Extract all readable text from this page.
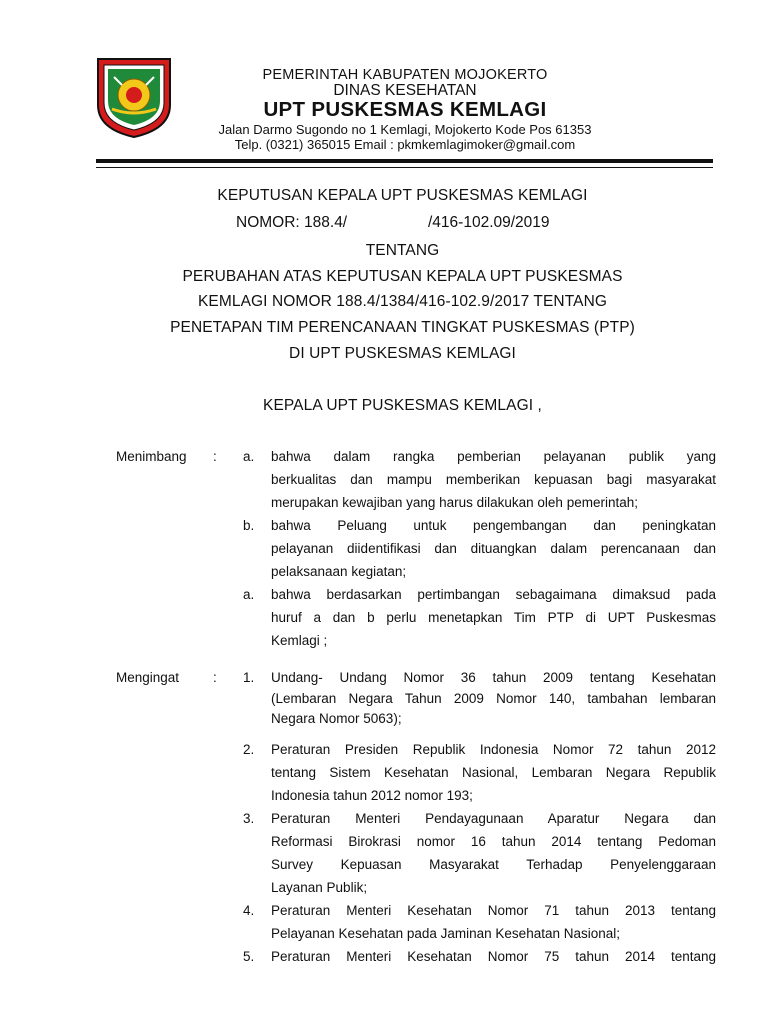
PEMERINTAH KABUPATEN MOJOKERTO
DINAS KESEHATAN
UPT PUSKESMAS KEMLAGI
Jalan Darmo Sugondo no 1 Kemlagi, Mojokerto Kode Pos 61353
Telp. (0321) 365015 Email : pkmkemlagimoker@gmail.com
KEPUTUSAN KEPALA UPT PUSKESMAS KEMLAGI
NOMOR: 188.4/	/416-102.09/2019
TENTANG
PERUBAHAN ATAS KEPUTUSAN KEPALA UPT PUSKESMAS
KEMLAGI NOMOR 188.4/1384/416-102.9/2017 TENTANG
PENETAPAN TIM PERENCANAAN TINGKAT PUSKESMAS (PTP)
DI UPT PUSKESMAS KEMLAGI
KEPALA UPT PUSKESMAS KEMLAGI ,
Menimbang : a. bahwa dalam rangka pemberian pelayanan publik yang
berkualitas dan mampu memberikan kepuasan bagi masyarakat
merupakan kewajiban yang harus dilakukan oleh pemerintah;
b. bahwa Peluang untuk pengembangan dan peningkatan
pelayanan diidentifikasi dan dituangkan dalam perencanaan dan
pelaksanaan kegiatan;
a. bahwa berdasarkan pertimbangan sebagaimana dimaksud pada
huruf a dan b perlu menetapkan Tim PTP di UPT Puskesmas
Kemlagi ;
Mengingat	: 1. Undang- Undang Nomor 36 tahun 2009 tentang Kesehatan
(Lembaran Negara Tahun 2009 Nomor 140, tambahan lembaran
Negara Nomor 5063);
2. Peraturan Presiden Republik Indonesia Nomor 72 tahun 2012
tentang Sistem Kesehatan Nasional, Lembaran Negara Republik
Indonesia tahun 2012 nomor 193;
3. Peraturan Menteri Pendayagunaan Aparatur Negara dan
Reformasi Birokrasi nomor 16 tahun 2014 tentang Pedoman
Survey Kepuasan Masyarakat Terhadap Penyelenggaraan
Layanan Publik;
4. Peraturan Menteri Kesehatan Nomor 71 tahun 2013 tentang
Pelayanan Kesehatan pada Jaminan Kesehatan Nasional;
5. Peraturan Menteri Kesehatan Nomor 75 tahun 2014 tentang
